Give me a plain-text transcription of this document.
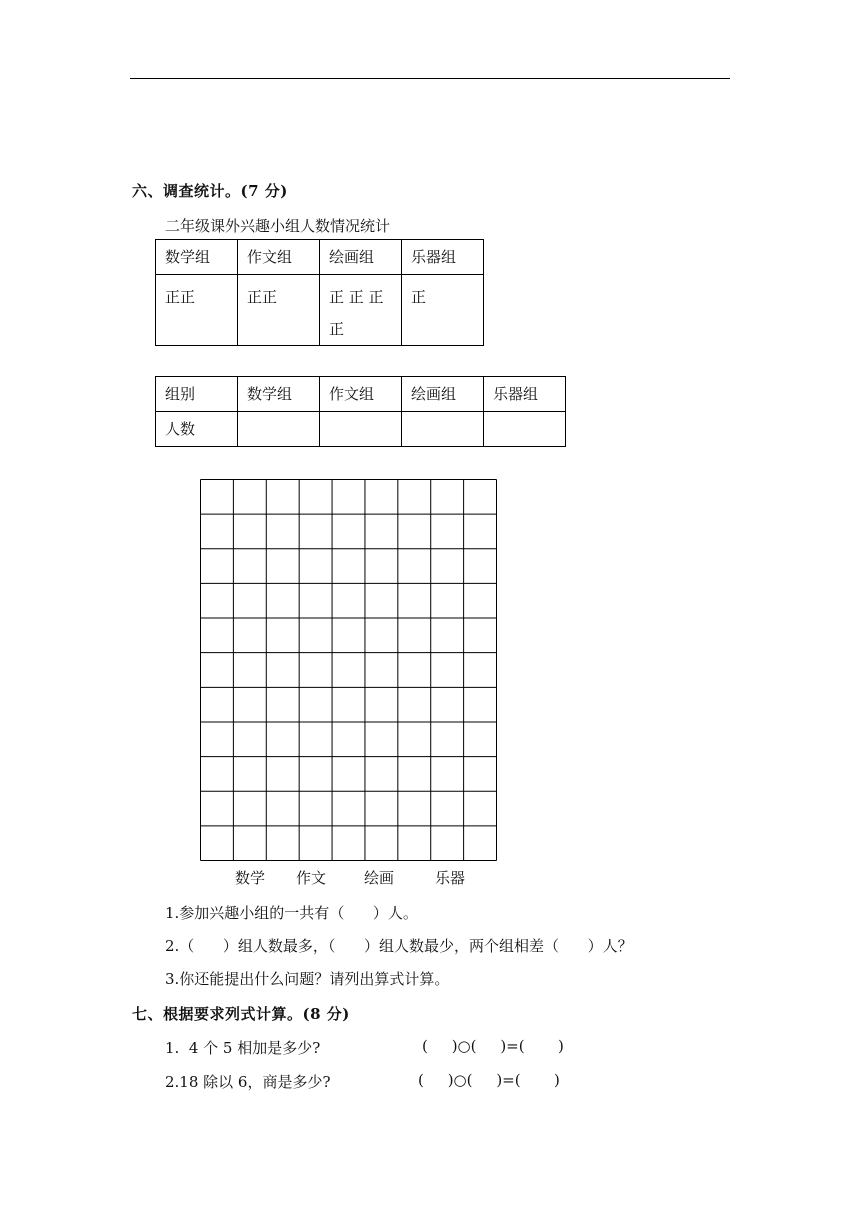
六、调查统计。(7 分)
二年级课外兴趣小组人数情况统计
数学组	作文组	绘画组	乐器组
正正	正正	正 正 正 正	正
组别	数学组	作文组	绘画组	乐器组
人数				
数学 作文	绘画	乐器
1.参加兴趣小组的一共有（      ）人。
2.（      ）组人数最多，（      ）组人数最少，两个组相差（      ）人？
3.你还能提出什么问题？请列出算式计算。
七、根据要求列式计算。(8 分)
1.  4 个 5 相加是多少?	(     )○(     )=(       )
2.18 除以 6，商是多少?	(     )○(     )=(       )
